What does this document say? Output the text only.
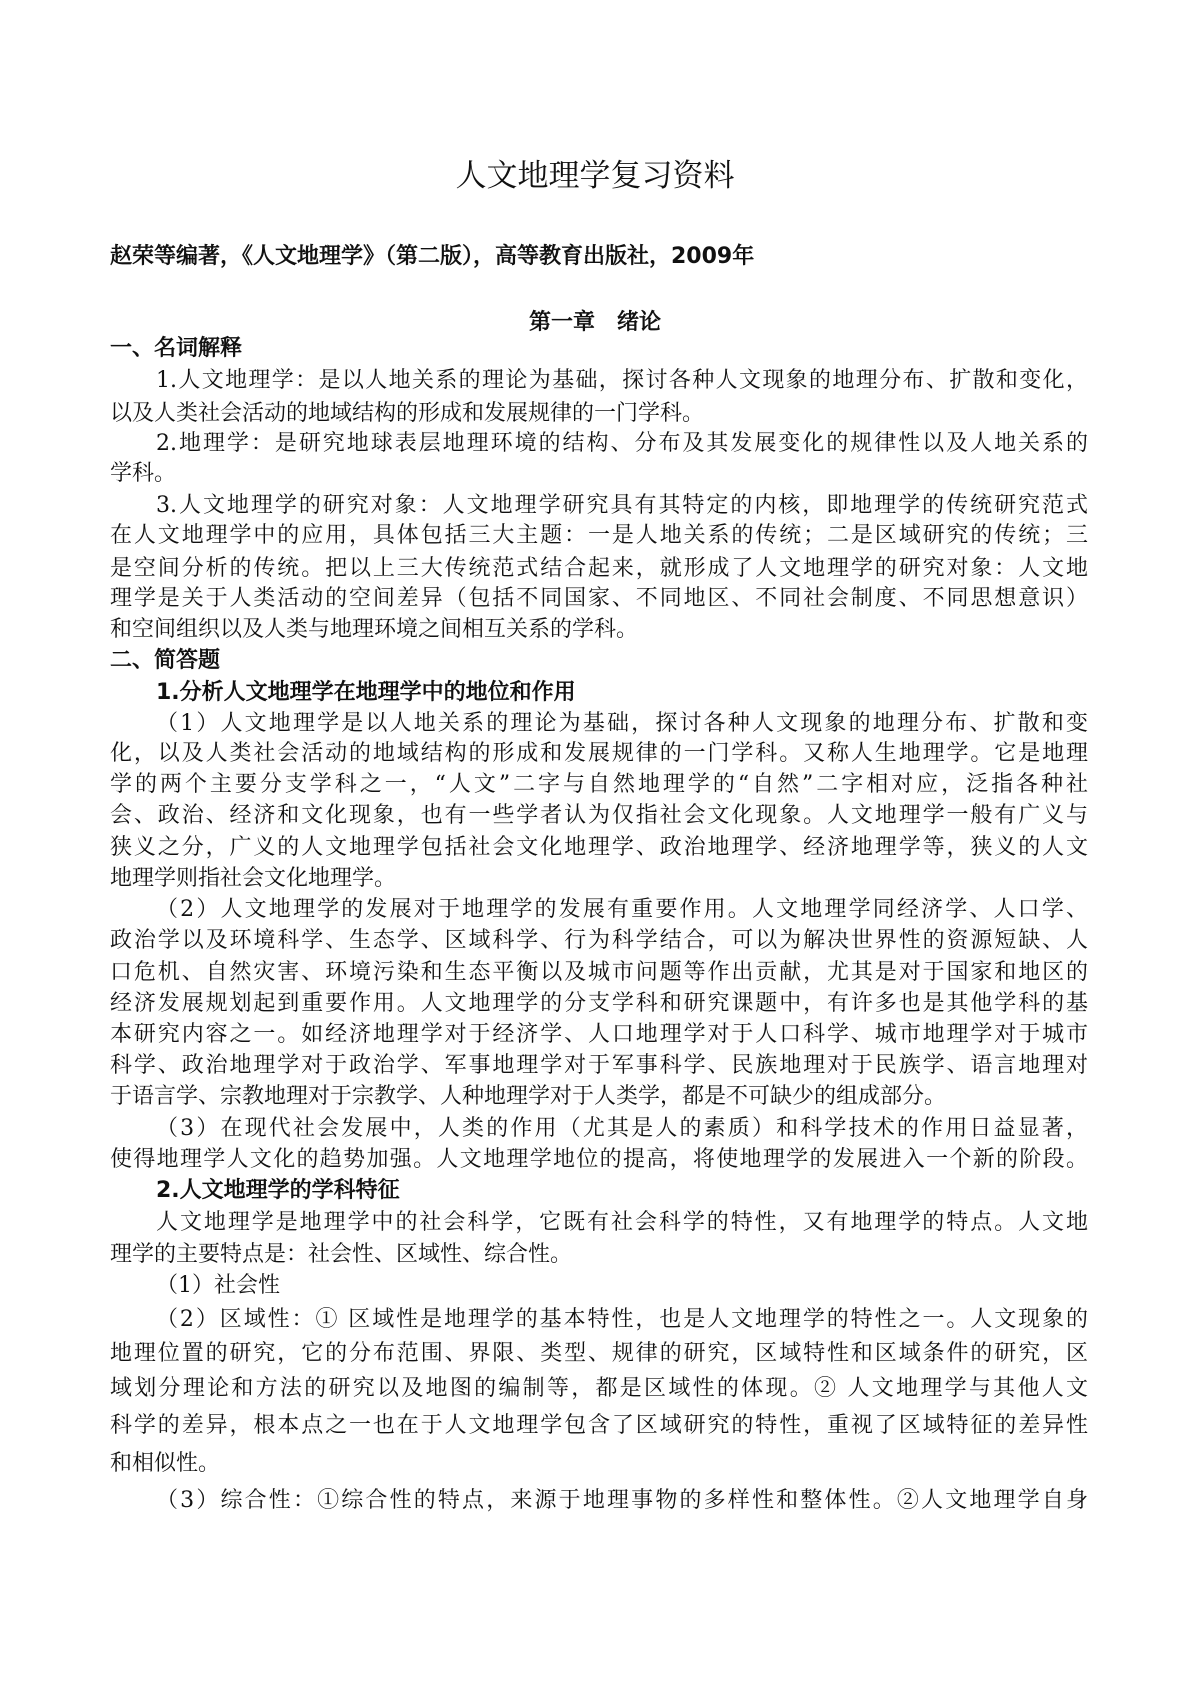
人文地理学复习资料
赵荣等编著，《人文地理学》（第二版），高等教育出版社，2009年
第一章　绪论
一、名词解释
1.人文地理学：是以人地关系的理论为基础，探讨各种人文现象的地理分布、扩散和变化，
以及人类社会活动的地域结构的形成和发展规律的一门学科。
2.地理学：是研究地球表层地理环境的结构、分布及其发展变化的规律性以及人地关系的
学科。
3.人文地理学的研究对象：人文地理学研究具有其特定的内核，即地理学的传统研究范式
在人文地理学中的应用，具体包括三大主题：一是人地关系的传统；二是区域研究的传统；三
是空间分析的传统。把以上三大传统范式结合起来，就形成了人文地理学的研究对象：人文地
理学是关于人类活动的空间差异（包括不同国家、不同地区、不同社会制度、不同思想意识）
和空间组织以及人类与地理环境之间相互关系的学科。
二、简答题
1.分析人文地理学在地理学中的地位和作用
（1）人文地理学是以人地关系的理论为基础，探讨各种人文现象的地理分布、扩散和变
化，以及人类社会活动的地域结构的形成和发展规律的一门学科。又称人生地理学。它是地理
学的两个主要分支学科之一，“人文”二字与自然地理学的“自然”二字相对应，泛指各种社
会、政治、经济和文化现象，也有一些学者认为仅指社会文化现象。人文地理学一般有广义与
狭义之分，广义的人文地理学包括社会文化地理学、政治地理学、经济地理学等，狭义的人文
地理学则指社会文化地理学。
（2）人文地理学的发展对于地理学的发展有重要作用。人文地理学同经济学、人口学、
政治学以及环境科学、生态学、区域科学、行为科学结合，可以为解决世界性的资源短缺、人
口危机、自然灾害、环境污染和生态平衡以及城市问题等作出贡献，尤其是对于国家和地区的
经济发展规划起到重要作用。人文地理学的分支学科和研究课题中，有许多也是其他学科的基
本研究内容之一。如经济地理学对于经济学、人口地理学对于人口科学、城市地理学对于城市
科学、政治地理学对于政治学、军事地理学对于军事科学、民族地理对于民族学、语言地理对
于语言学、宗教地理对于宗教学、人种地理学对于人类学，都是不可缺少的组成部分。
（3）在现代社会发展中，人类的作用（尤其是人的素质）和科学技术的作用日益显著，
使得地理学人文化的趋势加强。人文地理学地位的提高，将使地理学的发展进入一个新的阶段。
2.人文地理学的学科特征
人文地理学是地理学中的社会科学，它既有社会科学的特性，又有地理学的特点。人文地
理学的主要特点是：社会性、区域性、综合性。
（1）社会性
（2）区域性：① 区域性是地理学的基本特性，也是人文地理学的特性之一。人文现象的
地理位置的研究，它的分布范围、界限、类型、规律的研究，区域特性和区域条件的研究，区
域划分理论和方法的研究以及地图的编制等，都是区域性的体现。② 人文地理学与其他人文
科学的差异，根本点之一也在于人文地理学包含了区域研究的特性，重视了区域特征的差异性
和相似性。
（3）综合性：①综合性的特点，来源于地理事物的多样性和整体性。②人文地理学自身
